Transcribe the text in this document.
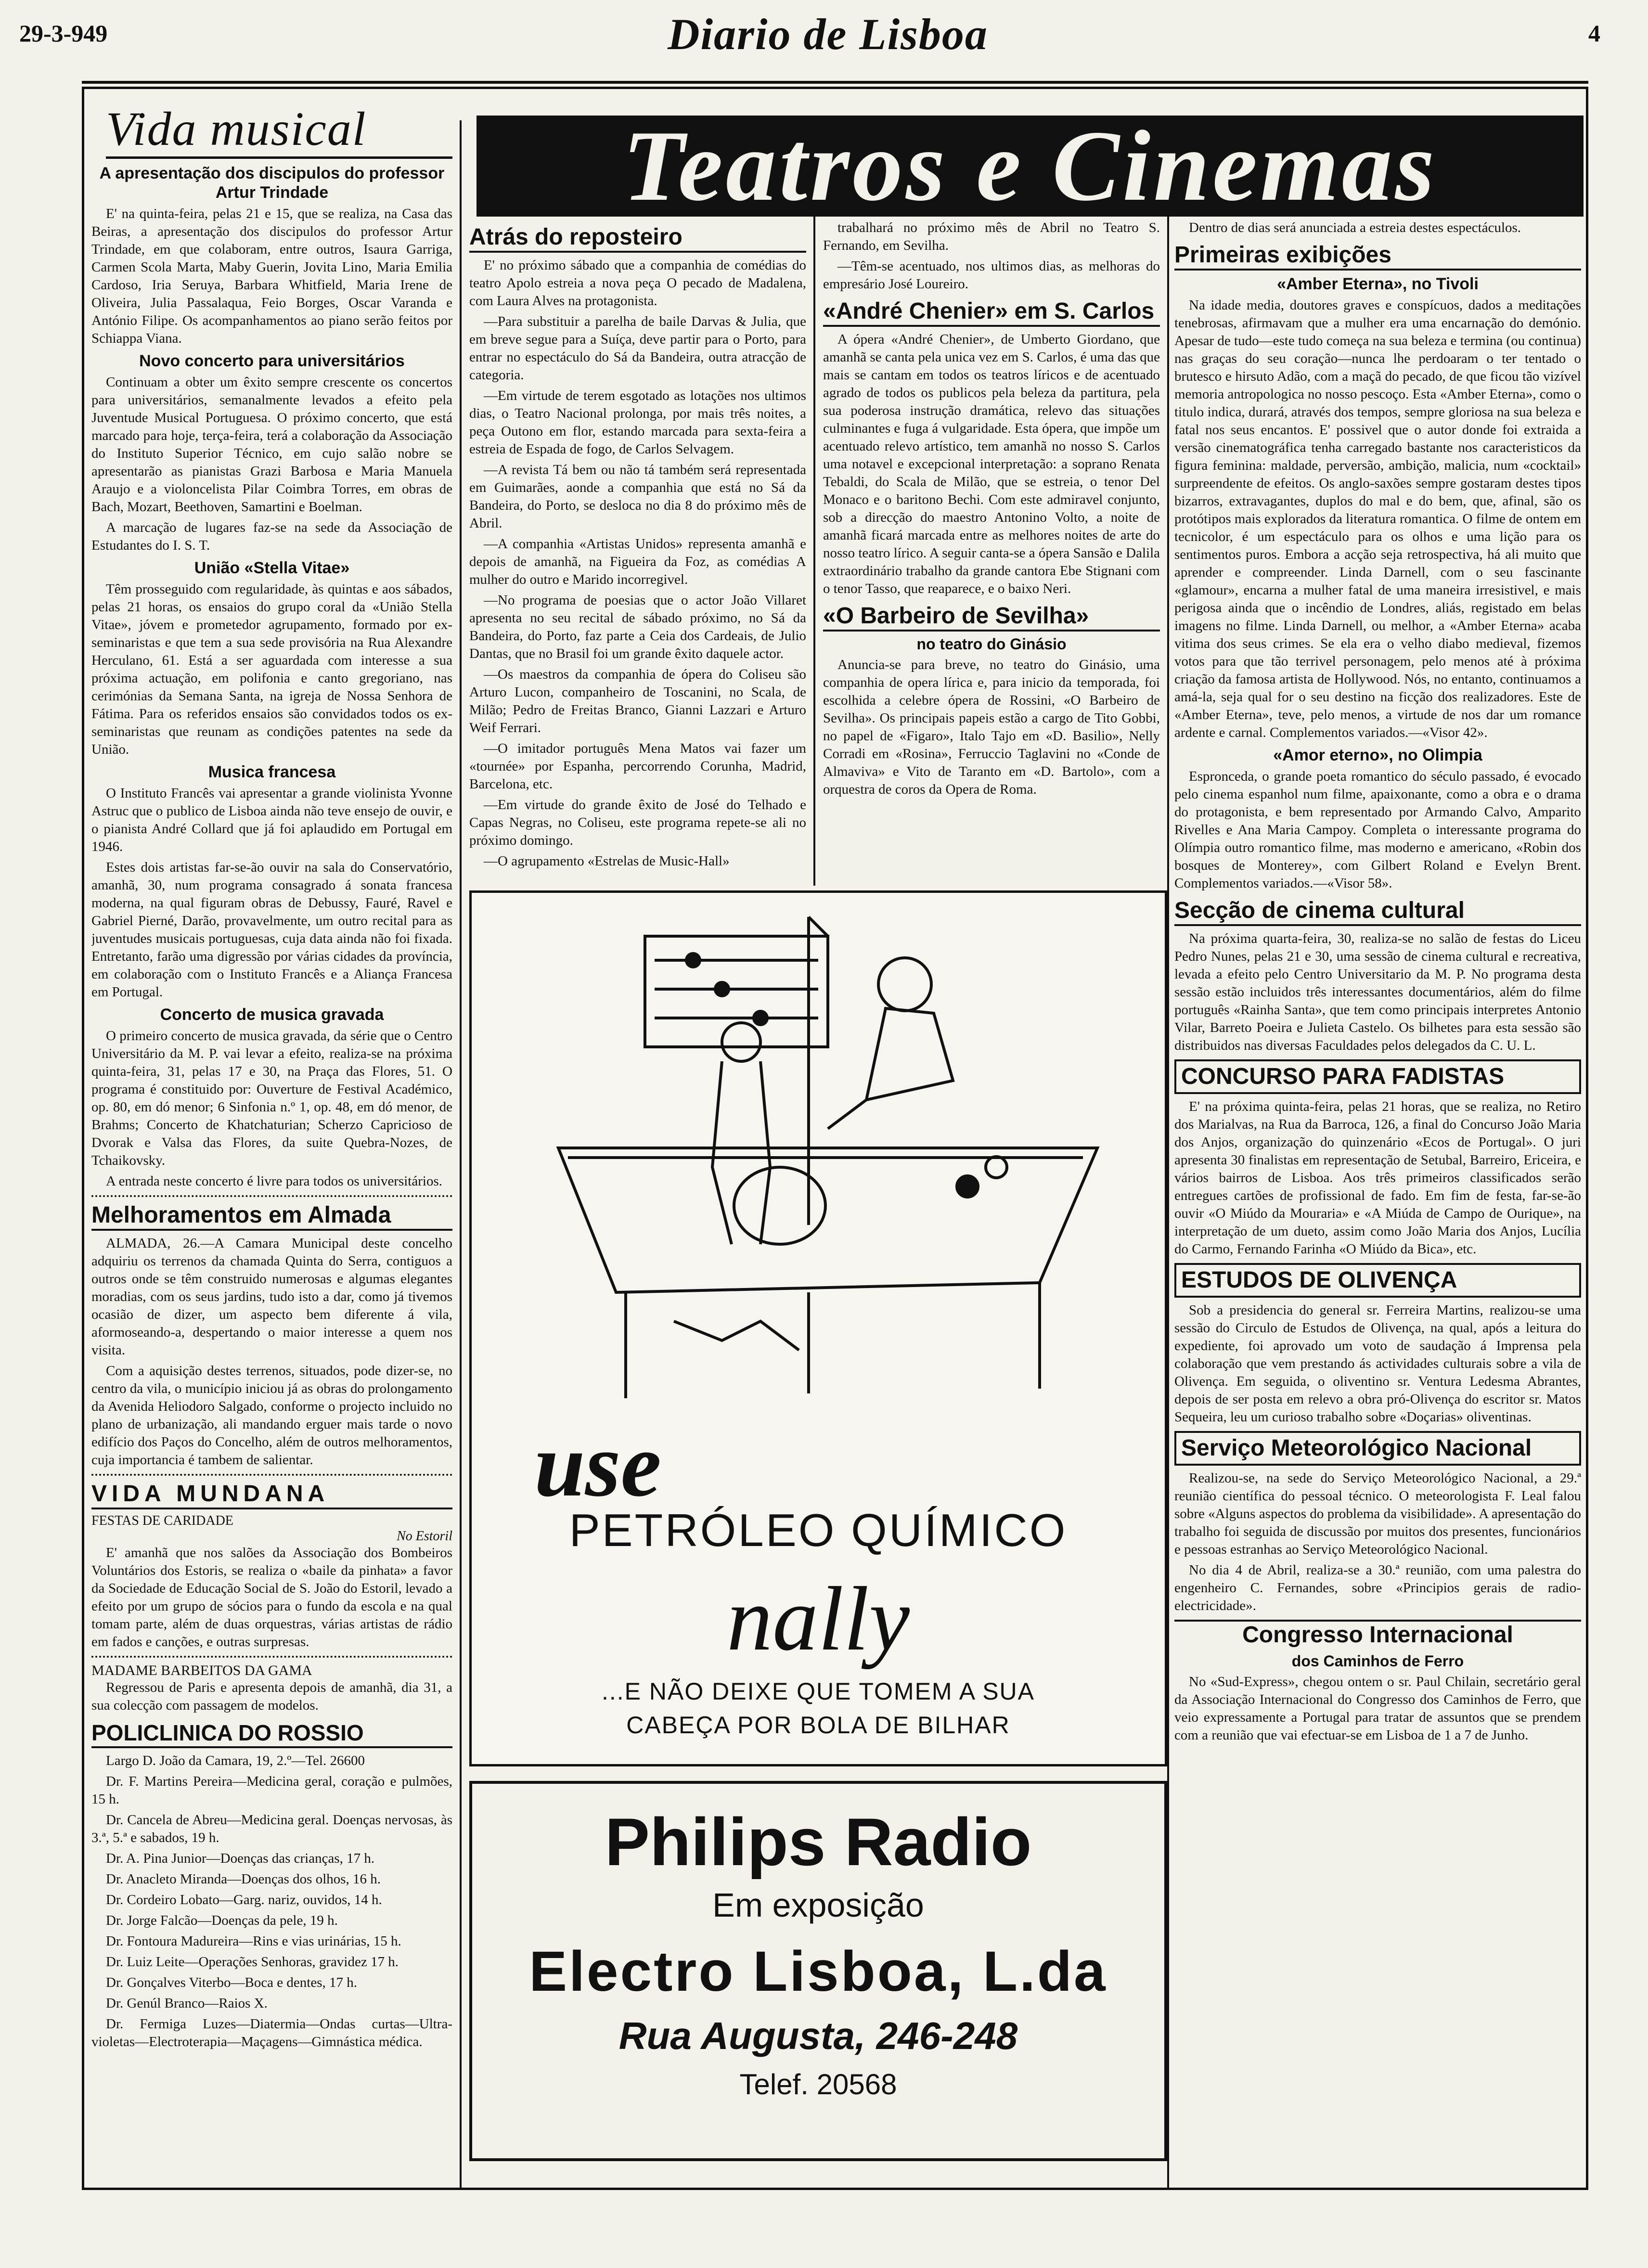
29-3-949	Diario de Lisboa	4
Teatros e Cinemas
Vida musical
A apresentação dos discipulos do professor Artur Trindade

E' na quinta-feira, pelas 21 e 15, que se realiza, na Casa das Beiras, a apresentação dos discipulos do professor Artur Trindade, em que colaboram, entre outros, Isaura Garriga, Carmen Scola Marta, Maby Guerin, Jovita Lino, Maria Emilia Cardoso, Iria Seruya, Barbara Whitfield, Maria Irene de Oliveira, Julia Passalaqua, Feio Borges, Oscar Varanda e António Filipe. Os acompanhamentos ao piano serão feitos por Schiappa Viana.

Novo concerto para universitários

Continuam a obter um êxito sempre crescente os concertos para universitários, semanalmente levados a efeito pela Juventude Musical Portuguesa. O próximo concerto, que está marcado para hoje, terça-feira, terá a colaboração da Associação do Instituto Superior Técnico, em cujo salão nobre se apresentarão as pianistas Grazi Barbosa e Maria Manuela Araujo e a violoncelista Pilar Coimbra Torres, em obras de Bach, Mozart, Beethoven, Samartini e Boelman.

A marcação de lugares faz-se na sede da Associação de Estudantes do I. S. T.

União «Stella Vitae»

Têm prosseguido com regularidade, às quintas e aos sábados, pelas 21 horas, os ensaios do grupo coral da «União Stella Vitae», jóvem e prometedor agrupamento, formado por ex-seminaristas e que tem a sua sede provisória na Rua Alexandre Herculano, 61. Está a ser aguardada com interesse a sua próxima actuação, em polifonia e canto gregoriano, nas cerimónias da Semana Santa, na igreja de Nossa Senhora de Fátima. Para os referidos ensaios são convidados todos os ex-seminaristas que reunam as condições patentes na sede da União.

Musica francesa

O Instituto Francês vai apresentar a grande violinista Yvonne Astruc que o publico de Lisboa ainda não teve ensejo de ouvir, e o pianista André Collard que já foi aplaudido em Portugal em 1946.

Estes dois artistas far-se-ão ouvir na sala do Conservatório, amanhã, 30, num programa consagrado á sonata francesa moderna, na qual figuram obras de Debussy, Fauré, Ravel e Gabriel Pierné, Darão, provavelmente, um outro recital para as juventudes musicais portuguesas, cuja data ainda não foi fixada. Entretanto, farão uma digressão por várias cidades da província, em colaboração com o Instituto Francês e a Aliança Francesa em Portugal.

Concerto de musica gravada

O primeiro concerto de musica gravada, da série que o Centro Universitário da M. P. vai levar a efeito, realiza-se na próxima quinta-feira, 31, pelas 17 e 30, na Praça das Flores, 51. O programa é constituido por: Ouverture de Festival Académico, op. 80, em dó menor; 6 Sinfonia n.º 1, op. 48, em dó menor, de Brahms; Concerto de Khatchaturian; Scherzo Capricioso de Dvorak e Valsa das Flores, da suite Quebra-Nozes, de Tchaikovsky.

A entrada neste concerto é livre para todos os universitários.

Melhoramentos em Almada

ALMADA, 26.—A Camara Municipal deste concelho adquiriu os terrenos da chamada Quinta do Serra, contiguos a outros onde se têm construido numerosas e algumas elegantes moradias, com os seus jardins, tudo isto a dar, como já tivemos ocasião de dizer, um aspecto bem diferente á vila, aformoseando-a, despertando o maior interesse a quem nos visita.

Com a aquisição destes terrenos, situados, pode dizer-se, no centro da vila, o município iniciou já as obras do prolongamento da Avenida Heliodoro Salgado, conforme o projecto incluido no plano de urbanização, ali mandando erguer mais tarde o novo edifício dos Paços do Concelho, além de outros melhoramentos, cuja importancia é tambem de salientar.

VIDA MUNDANA
FESTAS DE CARIDADE
No Estoril

E' amanhã que nos salões da Associação dos Bombeiros Voluntários dos Estoris, se realiza o «baile da pinhata» a favor da Sociedade de Educação Social de S. João do Estoril, levado a efeito por um grupo de sócios para o fundo da escola e na qual tomam parte, além de duas orquestras, várias artistas de rádio em fados e canções, e outras surpresas.

MADAME BARBEITOS DA GAMA

Regressou de Paris e apresenta depois de amanhã, dia 31, a sua colecção com passagem de modelos.

POLICLINICA DO ROSSIO

Largo D. João da Camara, 19, 2.º—Tel. 26600

Dr. F. Martins Pereira—Medicina geral, coração e pulmões, 15 h.

Dr. Cancela de Abreu—Medicina geral. Doenças nervosas, às 3.ª, 5.ª e sabados, 19 h.

Dr. A. Pina Junior—Doenças das crianças, 17 h.

Dr. Anacleto Miranda—Doenças dos olhos, 16 h.

Dr. Cordeiro Lobato—Garg. nariz, ouvidos, 14 h.

Dr. Jorge Falcão—Doenças da pele, 19 h.

Dr. Fontoura Madureira—Rins e vias urinárias, 15 h.

Dr. Luiz Leite—Operações Senhoras, gravidez 17 h.

Dr. Gonçalves Viterbo—Boca e dentes, 17 h.

Dr. Genúl Branco—Raios X.

Dr. Fermiga Luzes—Diatermia—Ondas curtas—Ultra-violetas—Electroterapia—Maçagens—Gimnástica médica.

Atrás do reposteiro

E' no próximo sábado que a companhia de comédias do teatro Apolo estreia a nova peça O pecado de Madalena, com Laura Alves na protagonista.

—Para substituir a parelha de baile Darvas & Julia, que em breve segue para a Suíça, deve partir para o Porto, para entrar no espectáculo do Sá da Bandeira, outra atracção de categoria.

—Em virtude de terem esgotado as lotações nos ultimos dias, o Teatro Nacional prolonga, por mais três noites, a peça Outono em flor, estando marcada para sexta-feira a estreia de Espada de fogo, de Carlos Selvagem.

—A revista Tá bem ou não tá também será representada em Guimarães, aonde a companhia que está no Sá da Bandeira, do Porto, se desloca no dia 8 do próximo mês de Abril.

—A companhia «Artistas Unidos» representa amanhã e depois de amanhã, na Figueira da Foz, as comédias A mulher do outro e Marido incorregivel.

—No programa de poesias que o actor João Villaret apresenta no seu recital de sábado próximo, no Sá da Bandeira, do Porto, faz parte a Ceia dos Cardeais, de Julio Dantas, que no Brasil foi um grande êxito daquele actor.

—Os maestros da companhia de ópera do Coliseu são Arturo Lucon, companheiro de Toscanini, no Scala, de Milão; Pedro de Freitas Branco, Gianni Lazzari e Arturo Weif Ferrari.

—O imitador português Mena Matos vai fazer um «tournée» por Espanha, percorrendo Corunha, Madrid, Barcelona, etc.

—Em virtude do grande êxito de José do Telhado e Capas Negras, no Coliseu, este programa repete-se ali no próximo domingo.

—O agrupamento «Estrelas de Music-Hall»

trabalhará no próximo mês de Abril no Teatro S. Fernando, em Sevilha.

—Têm-se acentuado, nos ultimos dias, as melhoras do empresário José Loureiro.

«André Chenier» em S. Carlos

A ópera «André Chenier», de Umberto Giordano, que amanhã se canta pela unica vez em S. Carlos, é uma das que mais se cantam em todos os teatros líricos e de acentuado agrado de todos os publicos pela beleza da partitura, pela sua poderosa instrução dramática, relevo das situações culminantes e fuga á vulgaridade. Esta ópera, que impõe um acentuado relevo artístico, tem amanhã no nosso S. Carlos uma notavel e excepcional interpretação: a soprano Renata Tebaldi, do Scala de Milão, que se estreia, o tenor Del Monaco e o baritono Bechi. Com este admiravel conjunto, sob a direcção do maestro Antonino Volto, a noite de amanhã ficará marcada entre as melhores noites de arte do nosso teatro lírico. A seguir canta-se a ópera Sansão e Dalila extraordinário trabalho da grande cantora Ebe Stignani com o tenor Tasso, que reaparece, e o baixo Neri.

«O Barbeiro de Sevilha»
no teatro do Ginásio

Anuncia-se para breve, no teatro do Ginásio, uma companhia de opera lírica e, para inicio da temporada, foi escolhida a celebre ópera de Rossini, «O Barbeiro de Sevilha». Os principais papeis estão a cargo de Tito Gobbi, no papel de «Figaro», Italo Tajo em «D. Basilio», Nelly Corradi em «Rosina», Ferruccio Taglavini no «Conde de Almaviva» e Vito de Taranto em «D. Bartolo», com a orquestra de coros da Opera de Roma.

Dentro de dias será anunciada a estreia destes espectáculos.

Primeiras exibições
«Amber Eterna», no Tivoli

Na idade media, doutores graves e conspícuos, dados a meditações tenebrosas, afirmavam que a mulher era uma encarnação do demónio. Apesar de tudo—este tudo começa na sua beleza e termina (ou continua) nas graças do seu coração—nunca lhe perdoaram o ter tentado o brutesco e hirsuto Adão, com a maçã do pecado, de que ficou tão vizível memoria antropologica no nosso pescoço. Esta «Amber Eterna», como o titulo indica, durará, através dos tempos, sempre gloriosa na sua beleza e fatal nos seus encantos. E' possivel que o autor donde foi extraida a versão cinematográfica tenha carregado bastante nos caracteristicos da figura feminina: maldade, perversão, ambição, malicia, num «cocktail» surpreendente de efeitos. Os anglo-saxões sempre gostaram destes tipos bizarros, extravagantes, duplos do mal e do bem, que, afinal, são os protótipos mais explorados da literatura romantica. O filme de ontem em tecnicolor, é um espectáculo para os olhos e uma lição para os sentimentos puros. Embora a acção seja retrospectiva, há ali muito que aprender e compreender. Linda Darnell, com o seu fascinante «glamour», encarna a mulher fatal de uma maneira irresistivel, e mais perigosa ainda que o incêndio de Londres, aliás, registado em belas imagens no filme. Linda Darnell, ou melhor, a «Amber Eterna» acaba vitima dos seus crimes. Se ela era o velho diabo medieval, fizemos votos para que tão terrivel personagem, pelo menos até à próxima criação da famosa artista de Hollywood. Nós, no entanto, continuamos a amá-la, seja qual for o seu destino na ficção dos realizadores. Este de «Amber Eterna», teve, pelo menos, a virtude de nos dar um romance ardente e carnal. Complementos variados.—«Visor 42».

«Amor eterno», no Olimpia

Espronceda, o grande poeta romantico do século passado, é evocado pelo cinema espanhol num filme, apaixonante, como a obra e o drama do protagonista, e bem representado por Armando Calvo, Amparito Rivelles e Ana Maria Campoy. Completa o interessante programa do Olímpia outro romantico filme, mas moderno e americano, «Robin dos bosques de Monterey», com Gilbert Roland e Evelyn Brent. Complementos variados.—«Visor 58».

Secção de cinema cultural

Na próxima quarta-feira, 30, realiza-se no salão de festas do Liceu Pedro Nunes, pelas 21 e 30, uma sessão de cinema cultural e recreativa, levada a efeito pelo Centro Universitario da M. P. No programa desta sessão estão incluidos três interessantes documentários, além do filme português «Rainha Santa», que tem como principais interpretes Antonio Vilar, Barreto Poeira e Julieta Castelo. Os bilhetes para esta sessão são distribuidos nas diversas Faculdades pelos delegados da C. U. L.

CONCURSO PARA FADISTAS

E' na próxima quinta-feira, pelas 21 horas, que se realiza, no Retiro dos Marialvas, na Rua da Barroca, 126, a final do Concurso João Maria dos Anjos, organização do quinzenário «Ecos de Portugal». O juri apresenta 30 finalistas em representação de Setubal, Barreiro, Ericeira, e vários bairros de Lisboa. Aos três primeiros classificados serão entregues cartões de profissional de fado. Em fim de festa, far-se-ão ouvir «O Miúdo da Mouraria» e «A Miúda de Campo de Ourique», na interpretação de um dueto, assim como João Maria dos Anjos, Lucília do Carmo, Fernando Farinha «O Miúdo da Bica», etc.

ESTUDOS DE OLIVENÇA

Sob a presidencia do general sr. Ferreira Martins, realizou-se uma sessão do Circulo de Estudos de Olivença, na qual, após a leitura do expediente, foi aprovado um voto de saudação á Imprensa pela colaboração que vem prestando ás actividades culturais sobre a vila de Olivença. Em seguida, o oliventino sr. Ventura Ledesma Abrantes, depois de ser posta em relevo a obra pró-Olivença do escritor sr. Matos Sequeira, leu um curioso trabalho sobre «Doçarias» oliventinas.

Serviço Meteorológico Nacional

Realizou-se, na sede do Serviço Meteorológico Nacional, a 29.ª reunião científica do pessoal técnico. O meteorologista F. Leal falou sobre «Alguns aspectos do problema da visibilidade». A apresentação do trabalho foi seguida de discussão por muitos dos presentes, funcionários e pessoas estranhas ao Serviço Meteorológico Nacional.

No dia 4 de Abril, realiza-se a 30.ª reunião, com uma palestra do engenheiro C. Fernandes, sobre «Principios gerais de radio-electricidade».

Congresso Internacional
dos Caminhos de Ferro

No «Sud-Express», chegou ontem o sr. Paul Chilain, secretário geral da Associação Internacional do Congresso dos Caminhos de Ferro, que veio expressamente a Portugal para tratar de assuntos que se prendem com a reunião que vai efectuar-se em Lisboa de 1 a 7 de Junho.

use
PETRÓLEO QUÍMICO
nally
...E NÃO DEIXE QUE TOMEM A SUA
CABEÇA POR BOLA DE BILHAR
Philips Radio
Em exposição
Electro Lisboa, L.da
Rua Augusta, 246-248
Telef. 20568
